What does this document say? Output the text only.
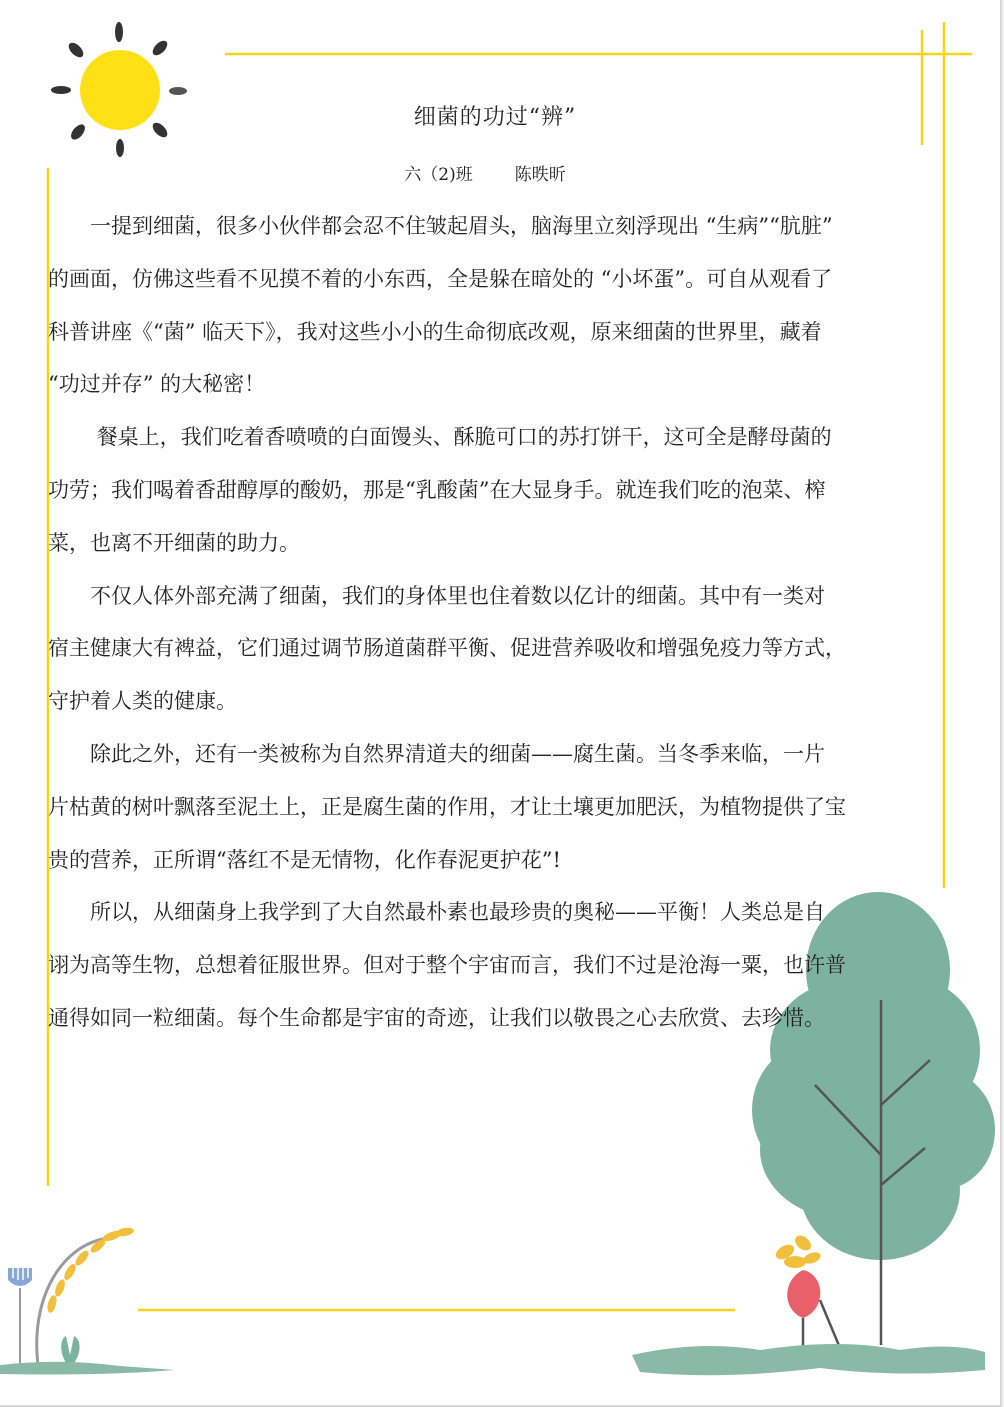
细菌的功过“辨”
六（2)班 陈昳昕

　　一提到细菌，很多小伙伴都会忍不住皱起眉头，脑海里立刻浮现出 “生病”“肮脏”

的画面，仿佛这些看不见摸不着的小东西，全是躲在暗处的 “小坏蛋”。可自从观看了

科普讲座《“菌” 临天下》，我对这些小小的生命彻底改观，原来细菌的世界里，藏着

“功过并存” 的大秘密！

　　 餐桌上，我们吃着香喷喷的白面馒头、酥脆可口的苏打饼干，这可全是酵母菌的

功劳；我们喝着香甜醇厚的酸奶，那是“乳酸菌”在大显身手。就连我们吃的泡菜、榨

菜，也离不开细菌的助力。

　　不仅人体外部充满了细菌，我们的身体里也住着数以亿计的细菌。其中有一类对

宿主健康大有裨益，它们通过调节肠道菌群平衡、促进营养吸收和增强免疫力等方式，

守护着人类的健康。

　　除此之外，还有一类被称为自然界清道夫的细菌——腐生菌。当冬季来临，一片

片枯黄的树叶飘落至泥土上，正是腐生菌的作用，才让土壤更加肥沃，为植物提供了宝

贵的营养，正所谓“落红不是无情物，化作春泥更护花”!

　　所以，从细菌身上我学到了大自然最朴素也最珍贵的奥秘——平衡！人类总是自

诩为高等生物，总想着征服世界。但对于整个宇宙而言，我们不过是沧海一粟，也许普

通得如同一粒细菌。每个生命都是宇宙的奇迹，让我们以敬畏之心去欣赏、去珍惜。
